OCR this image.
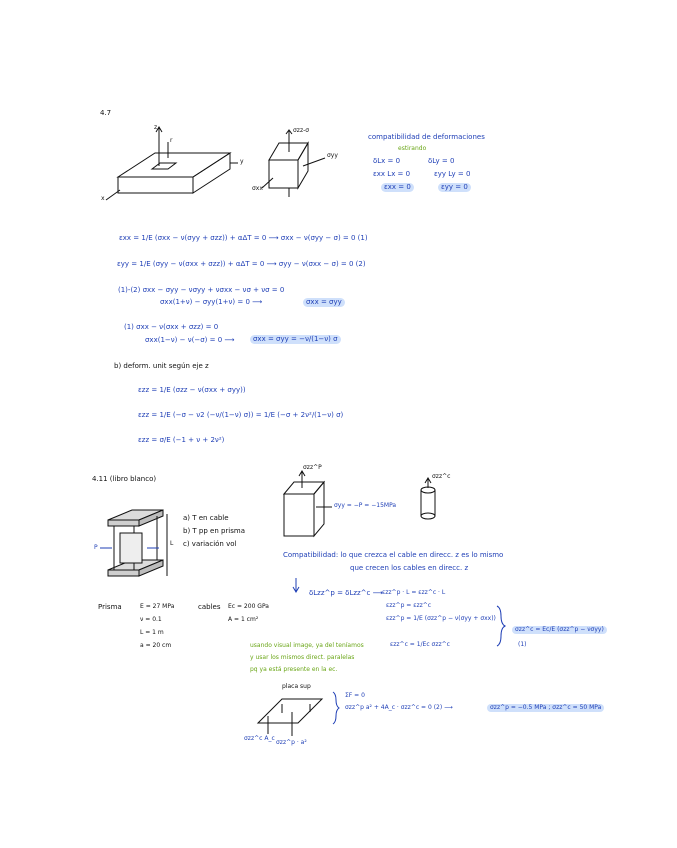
4.7
z
r
y
x
σzz-σ
σyy
σxx
compatibilidad de deformaciones
estirando
δLx = 0	δLy = 0
εxx Lx = 0	εyy Ly = 0
εxx = 0	εyy = 0
εxx = 1/E (σxx − ν(σyy + σzz)) + αΔT = 0 ⟶ σxx − ν(σyy − σ) = 0 (1)
εyy = 1/E (σyy − ν(σxx + σzz)) + αΔT = 0 ⟶ σyy − ν(σxx − σ) = 0 (2)
(1)-(2) σxx − σyy − νσyy + νσxx − νσ + νσ = 0
σxx(1+ν) − σyy(1+ν) = 0 ⟶	σxx = σyy
(1) σxx − ν(σxx + σzz) = 0
σxx(1−ν) − ν(−σ) = 0 ⟶	σxx = σyy = −ν/(1−ν) σ
b) deform. unit según eje z
εzz = 1/E (σzz − ν(σxx + σyy))
εzz = 1/E (−σ − ν2 (−ν/(1−ν) σ)) = 1/E (−σ + 2ν²/(1−ν) σ)
εzz = σ/E (−1 + ν + 2ν²)
4.11 (libro blanco)
a) T en cable
b) T pp en prisma
c) variación vol
P
L
Prisma	E = 27 MPa
ν = 0.1
L = 1 m
a = 20 cm
cables Ec = 200 GPa
A = 1 cm²
σzz^P
σyy = −P = −15MPa
σzz^c
Compatibilidad: lo que crezca el cable en direcc. z es lo mismo
que crecen los cables en direcc. z
δLzz^p = δLzz^c ⟶ εzz^p · L = εzz^c · L
εzz^p = εzz^c
εzz^p = 1/E (σzz^p − ν(σyy + σxx))
εzz^c = 1/Ec σzz^c
σzz^c = Ec/E (σzz^p − νσyy)
(1)
usando visual image, ya del teníamos
y usar los mismos direct. paralelas
pq ya está presente en la ec.
placa sup
ΣF = 0
σzz^p a² + 4A_c · σzz^c = 0 (2) ⟶	σzz^p = −0.5 MPa ; σzz^c = 50 MPa
σzz^c A_c
σzz^p · a²
